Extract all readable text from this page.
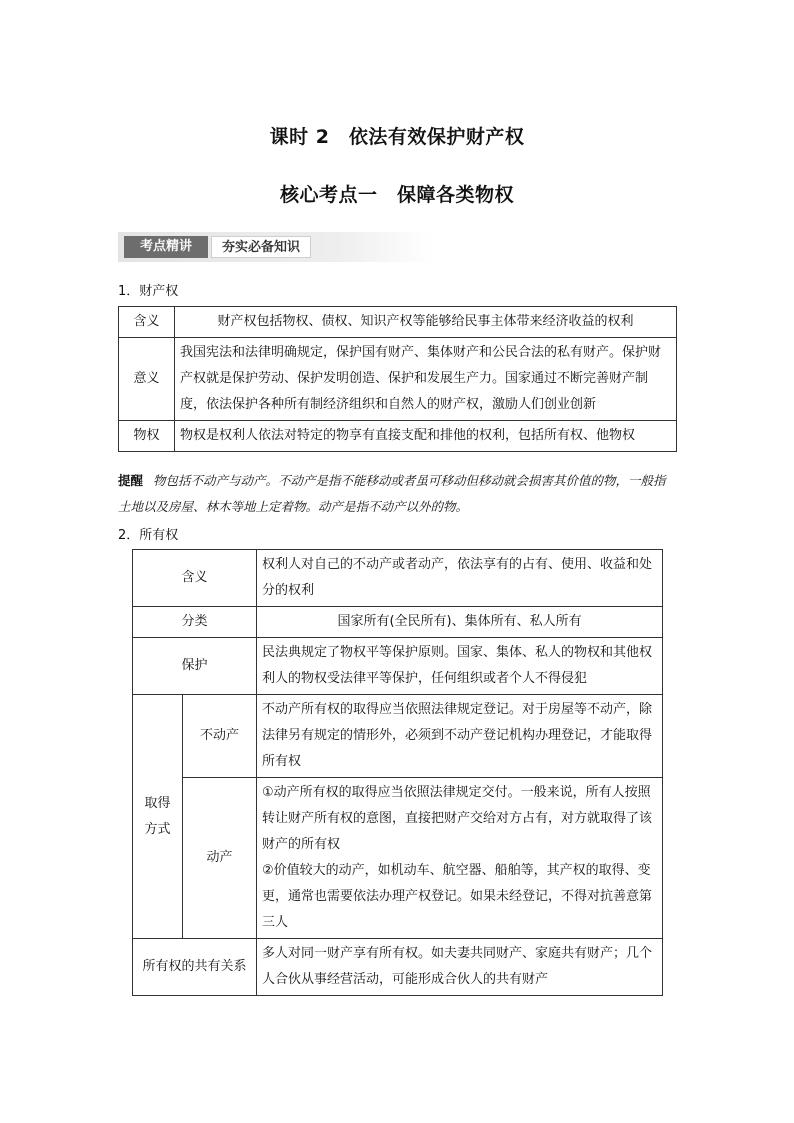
课时 2　依法有效保护财产权
核心考点一　保障各类物权
考点精讲	夯实必备知识
1．财产权
含义	财产权包括物权、债权、知识产权等能够给民事主体带来经济收益的权利
意义	我国宪法和法律明确规定，保护国有财产、集体财产和公民合法的私有财产。保护财产权就是保护劳动、保护发明创造、保护和发展生产力。国家通过不断完善财产制度，依法保护各种所有制经济组织和自然人的财产权，激励人们创业创新
物权	物权是权利人依法对特定的物享有直接支配和排他的权利，包括所有权、他物权
提醒 物包括不动产与动产。不动产是指不能移动或者虽可移动但移动就会损害其价值的物，一般指土地以及房屋、林木等地上定着物。动产是指不动产以外的物。
2．所有权
含义		权利人对自己的不动产或者动产，依法享有的占有、使用、收益和处分的权利
分类		国家所有(全民所有)、集体所有、私人所有
保护		民法典规定了物权平等保护原则。国家、集体、私人的物权和其他权利人的物权受法律平等保护，任何组织或者个人不得侵犯
取得方式	不动产	不动产所有权的取得应当依照法律规定登记。对于房屋等不动产，除法律另有规定的情形外，必须到不动产登记机构办理登记，才能取得所有权
	动产	①动产所有权的取得应当依照法律规定交付。一般来说，所有人按照转让财产所有权的意图，直接把财产交给对方占有，对方就取得了该财产的所有权
②价值较大的动产，如机动车、航空器、船舶等，其产权的取得、变更，通常也需要依法办理产权登记。如果未经登记，不得对抗善意第三人

所有权的共有关系		多人对同一财产享有所有权。如夫妻共同财产、家庭共有财产；几个人合伙从事经营活动，可能形成合伙人的共有财产
